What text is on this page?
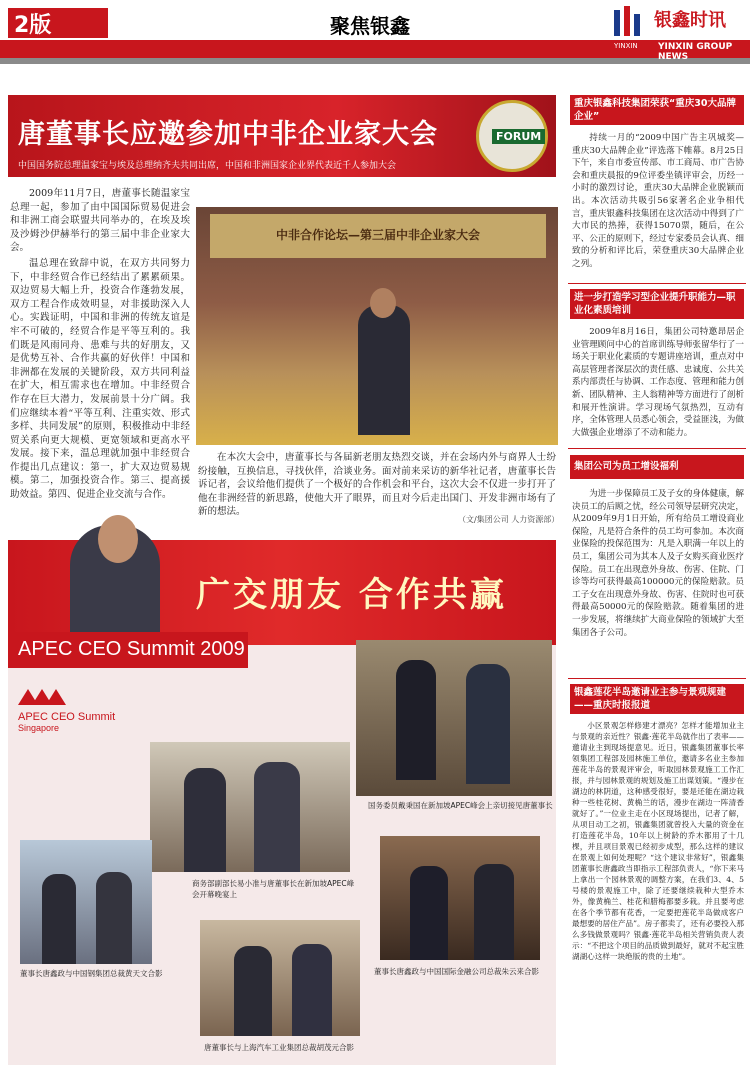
2版	聚焦银鑫	银鑫时讯
YINXIN YINXIN GROUP NEWS
唐董事长应邀参加中非企业家大会
中国国务院总理温家宝与埃及总理纳齐夫共同出席，中国和非洲国家企业界代表近千人参加大会
FORUM

2009年11月7日，唐董事长随温家宝总理一起，参加了由中国国际贸易促进会和非洲工商会联盟共同举办的，在埃及埃及沙姆沙伊赫举行的第三届中非企业家大会。

温总理在致辞中说，在双方共同努力下，中非经贸合作已经结出了累累硕果。双边贸易大幅上升，投资合作蓬勃发展，双方工程合作成效明显，对非援助深入人心。实践证明，中国和非洲的传统友谊是牢不可破的，经贸合作是平等互利的。我们既是风雨同舟、患难与共的好朋友，又是优势互补、合作共赢的好伙伴！中国和非洲都在发展的关键阶段，双方共同利益在扩大，相互需求也在增加。中非经贸合作存在巨大潜力，发展前景十分广阔。我们应继续本着“平等互利、注重实效、形式多样、共同发展”的原则，积极推动中非经贸关系向更大规模、更宽领域和更高水平发展。接下来，温总理就加强中非经贸合作提出几点建议：第一，扩大双边贸易规模。第二，加强投资合作。第三、提高援助效益。第四、促进企业交流与合作。

中非合作论坛—第三届中非企业家大会

在本次大会中，唐董事长与各届新老朋友热烈交谈，并在会场内外与商界人士纷纷接触，互换信息，寻找伙伴，洽谈业务。面对前来采访的新华社记者，唐董事长告诉记者，会议给他们提供了一个极好的合作机会和平台，这次大会不仅进一步打开了他在非洲经营的新思路，使他大开了眼界，而且对今后走出国门、开发非洲市场有了新的想法。

（文/集团公司 人力资源部）
广交朋友 合作共赢
APEC CEO Summit 2009
APEC CEO Summit
Singapore
国务委员戴秉国在新加坡APEC峰会上亲切接见唐董事长
商务部副部长易小准与唐董事长在新加坡APEC峰会开幕晚宴上
董事长唐鑫政与中国钢集团总裁黄天文合影	董事长唐鑫政与中国国际金融公司总裁朱云来合影
唐董事长与上海汽车工业集团总裁胡茂元合影
重庆银鑫科技集团荣获“重庆30大品牌企业”

持续一月的“2009中国广告主巩城奖—重庆30大品牌企业”评选落下帷幕。8月25日下午，来自市委宣传部、市工商局、市广告协会和重庆晨报的9位评委坐镇评审会，历经一小时的激烈讨论，重庆30大品牌企业脱颖而出。本次活动共吸引56家著名企业争相代言，重庆银鑫科技集团在这次活动中得到了广大市民的热捧，获得15070票，随后，在公平、公正的原则下，经过专家委员会认真、细致的分析和评比后，荣登重庆30大品牌企业之列。

进一步打造学习型企业提升职能力—职业化素质培训

2009年8月16日，集团公司特邀昂居企业管理顾问中心的首席训练导师张留华行了一场关于职业化素质的专题讲座培训，重点对中高层管理者深层次的责任感、忠诚度、公共关系内部责任与协调、工作态度、管理和能力创新、团队精神、主人翁精神等方面进行了剖析和展开性演讲。学习现场气氛热烈，互动有序，全体管理人员悉心领会，受益匪浅，为做大做强企业增添了不动和能力。

集团公司为员工增设福利

为进一步保障员工及子女的身体健康，解决员工的后顾之忧，经公司领导层研究决定，从2009年9月1日开始，所有给员工增设商业保险，凡是符合条件的员工均可参加。本次商业保险的投保范围为：凡是入职满一年以上的员工，集团公司为其本人及子女购买商业医疗保险。员工在出现意外身故、伤害、住院、门诊等均可获得最高100000元的保险赔款。员工子女在出现意外身故、伤害、住院时也可获得最高50000元的保险赔款。随着集团的进一步发展，将继续扩大商业保险的领域扩大至集团各子公司。

银鑫莲花半岛邀请业主参与景观规建——重庆时报报道

小区景观怎样修建才漂亮？怎样才能增加业主与景观的亲近性？银鑫·莲花半岛就作出了表率——邀请业主到现场提意见。近日，银鑫集团董事长率领集团工程部及园林施工单位，邀请多名业主参加莲花半岛的景观评审会，听取园林景观施工工作汇报，并与园林景观的规划及施工出谋划策。“漫步在湖边的林阴道，这种感受很好，要是还能在湖边栽种一些桂花树、黄桷兰的话，漫步在湖边一阵清香就好了。”一位业主走在小区现场提出，记者了解，从项目动工之初，银鑫集团就曾投入大量的资金在打造莲花半岛，10年以上树龄的乔木都用了十几棵，并且项目景观已经初步成型，那么这样的建议在景观上如何处理呢？“这个建议非常好”，银鑫集团董事长唐鑫政当即指示工程部负责人，“你下来马上拿出一个园林景观的调整方案，在我们3、4、5号楼的景观施工中，除了还要继续栽种大型乔木外，像黄桷兰、桂花和腊梅都要多栽。并且要考虑在各个季节都有花香，一定要把莲花半岛做成客户最想要的居住产品”。房子都卖了，还有必要投入那么多钱做景观吗？银鑫·莲花半岛相关营销负责人表示：“不把这个项目的品质做到最好，就对不起宝胜湖湖心这样一块绝版的贵的土地”。
